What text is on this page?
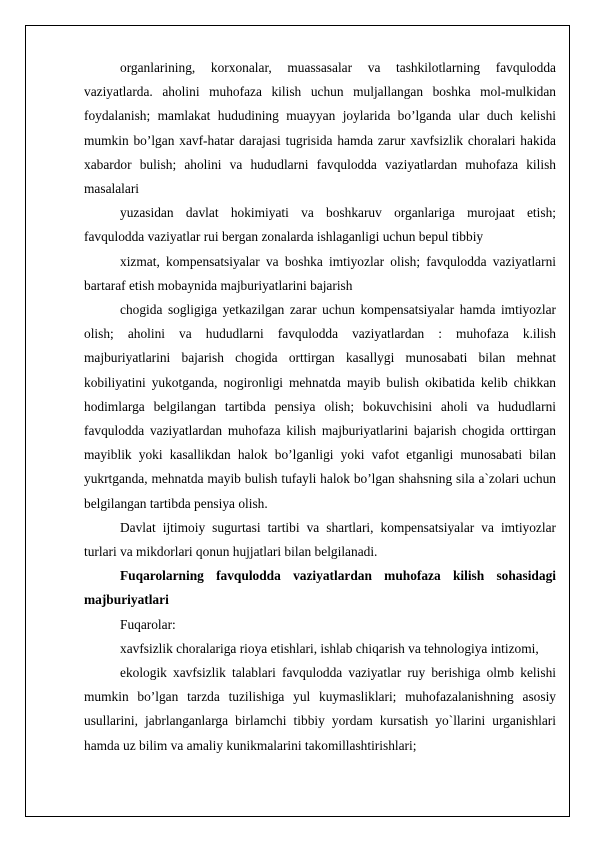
organlarining, korxonalar, muassasalar va tashkilotlarning favqulodda vaziyatlarda. aholini muhofaza kilish uchun muljallangan boshka mol-mulkidan foydalanish; mamlakat hududining muayyan joylarida bo’lganda ular duch kelishi mumkin bo’lgan xavf-hatar darajasi tugrisida hamda zarur xavfsizlik choralari hakida xabardor bulish; aholini va hududlarni favqulodda vaziyatlardan muhofaza kilish masalalari

yuzasidan davlat hokimiyati va boshkaruv organlariga murojaat etish; favqulodda vaziyatlar rui bergan zonalarda ishlaganligi uchun bepul tibbiy

xizmat, kompensatsiyalar va boshka imtiyozlar olish; favqulodda vaziyatlarni bartaraf etish mobaynida majburiyatlarini bajarish

chogida sogligiga yetkazilgan zarar uchun kompensatsiyalar hamda imtiyozlar olish; aholini va hududlarni favqulodda vaziyatlardan : muhofaza k.ilish majburiyatlarini bajarish chogida orttirgan kasallygi munosabati bilan mehnat kobiliyatini yukotganda, nogironligi mehnatda mayib bulish okibatida kelib chikkan hodimlarga belgilangan tartibda pensiya olish; bokuvchisini aholi va hududlarni favqulodda vaziyatlardan muhofaza kilish majburiyatlarini bajarish chogida orttirgan mayiblik yoki kasallikdan halok bo’lganligi yoki vafot etganligi munosabati bilan yukrtganda, mehnatda mayib bulish tufayli halok bo’lgan shahsning sila a`zolari uchun belgilangan tartibda pensiya olish.

Davlat ijtimoiy sugurtasi tartibi va shartlari, kompensatsiyalar va imtiyozlar turlari va mikdorlari qonun hujjatlari bilan belgilanadi.

Fuqarolarning favqulodda vaziyatlardan muhofaza kilish sohasidagi majburiyatlari

Fuqarolar:

xavfsizlik choralariga rioya etishlari, ishlab chiqarish va tehnologiya intizomi,

ekologik xavfsizlik talablari favqulodda vaziyatlar ruy berishiga olmb kelishi mumkin bo’lgan tarzda tuzilishiga yul kuymasliklari; muhofazalanishning asosiy usullarini, jabrlanganlarga birlamchi tibbiy yordam kursatish yo`llarini urganishlari hamda uz bilim va amaliy kunikmalarini takomillashtirishlari;
